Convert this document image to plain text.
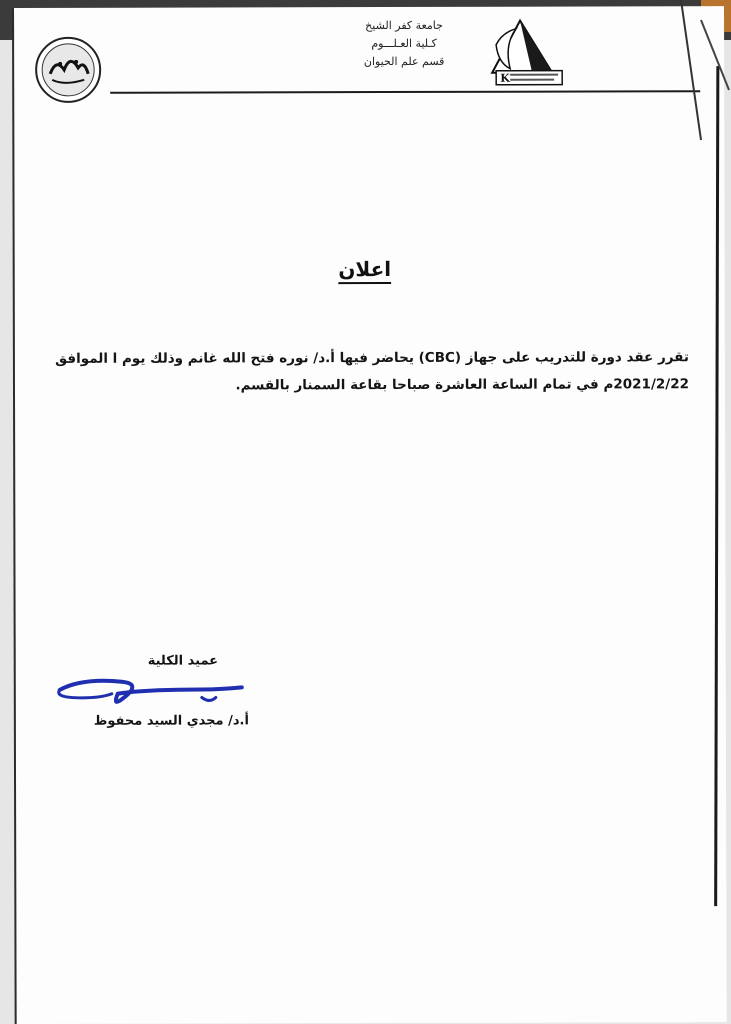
جامعة كفر الشيخ
كـلية العـلـــوم
قسم علم الحيوان
K
اعلان

تقرر عقد دورة للتدريب على جهاز (CBC) يحاضر فيها أ.د/ نوره فتح الله غانم وذلك يوم ا الموافق

2021/2/22م في تمام الساعة العاشرة صباحا بقاعة السمنار بالقسم.

عميد الكلية
أ.د/ مجدي السيد محفوظ
